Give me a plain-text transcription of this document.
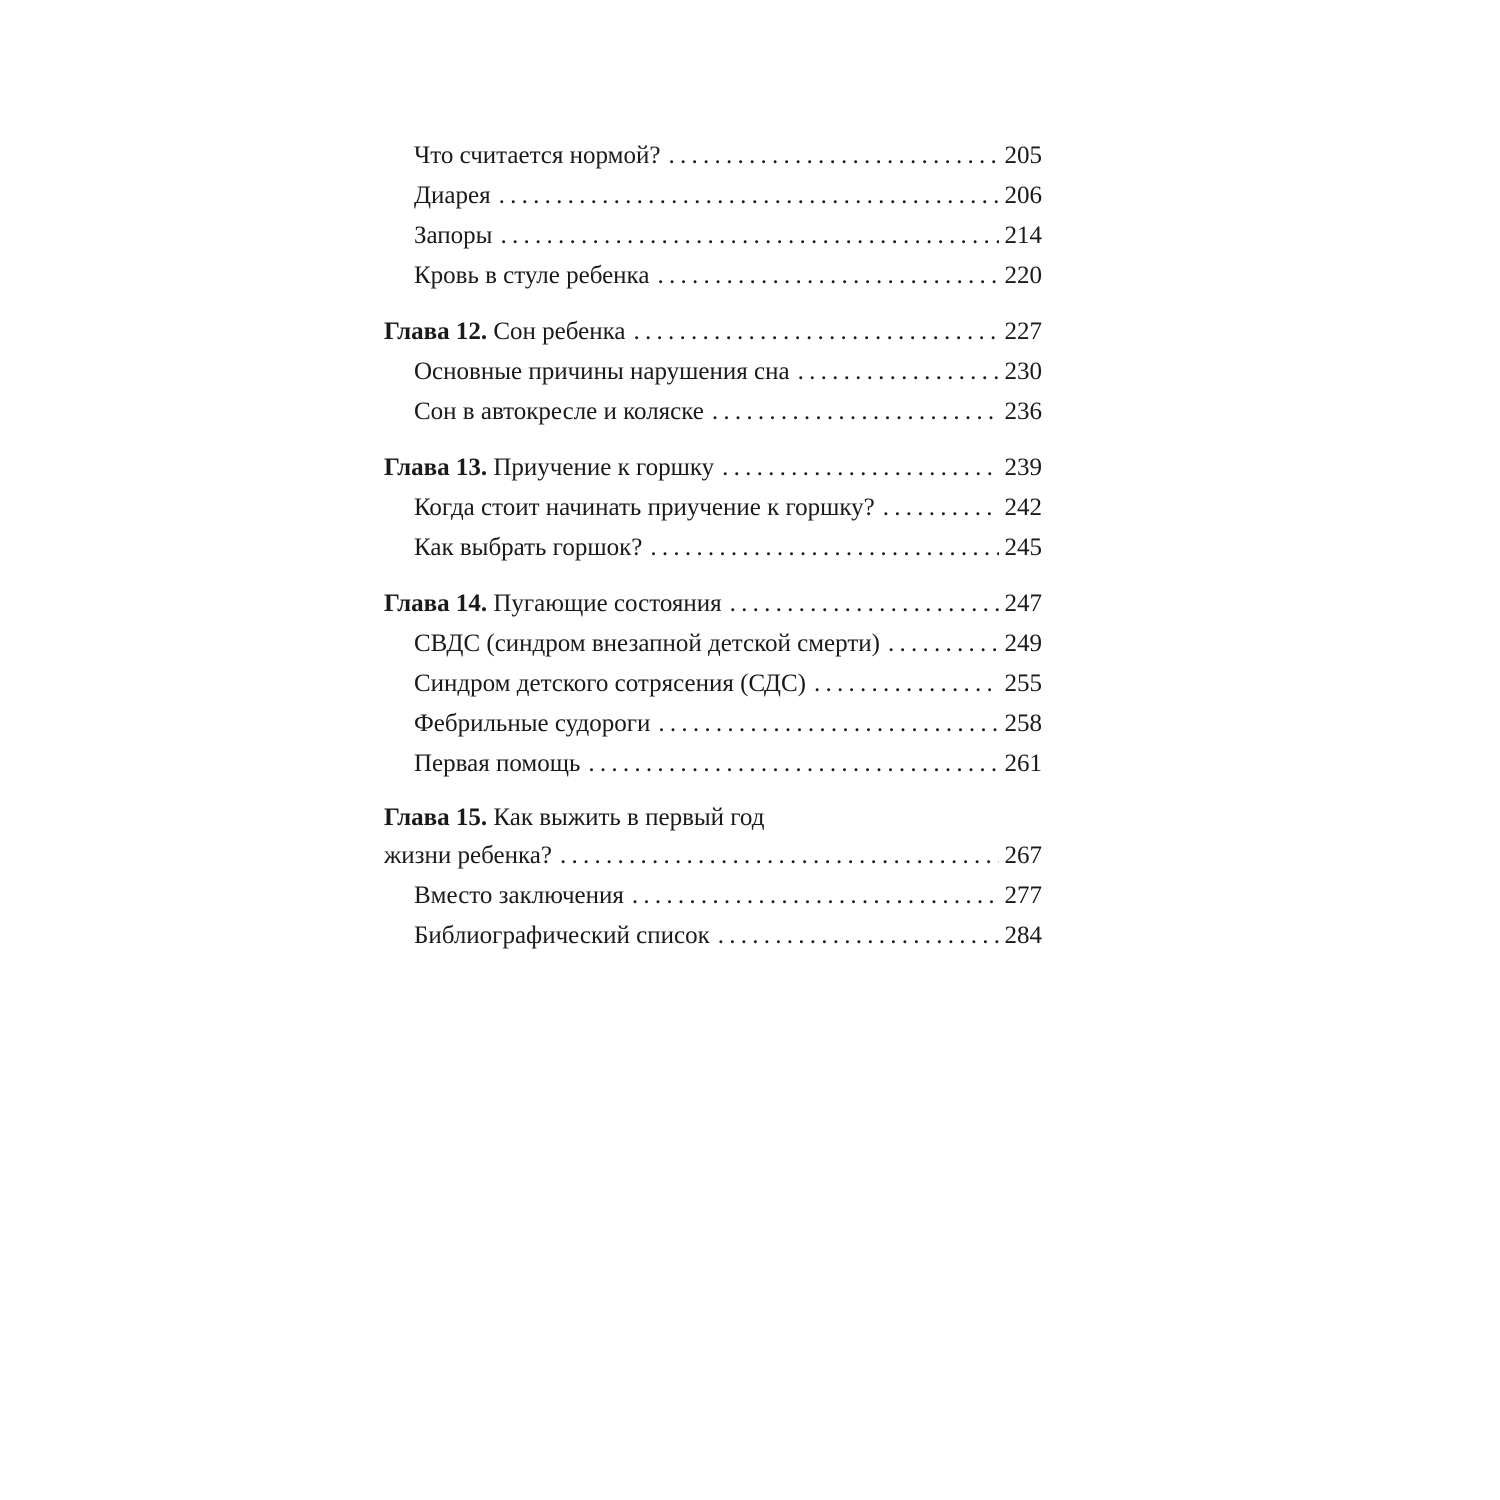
Что считается нормой? . . .	205
Диарея . . .	206
Запоры . . .	214
Кровь в стуле ребенка . . .	220
Глава 12. Сон ребенка . . .	227
Основные причины нарушения сна . . .	230
Сон в автокресле и коляске . . .	236
Глава 13. Приучение к горшку . . .	239
Когда стоит начинать приучение к горшку? . . .	242
Как выбрать горшок? . . .	245
Глава 14. Пугающие состояния . . .	247
СВДС (синдром внезапной детской смерти) . . .	249
Синдром детского сотрясения (СДС) . . .	255
Фебрильные судороги . . .	258
Первая помощь . . .	261
Глава 15. Как выжить в первый год
жизни ребенка? . . .	267
Вместо заключения . . .	277
Библиографический список . . .	284
